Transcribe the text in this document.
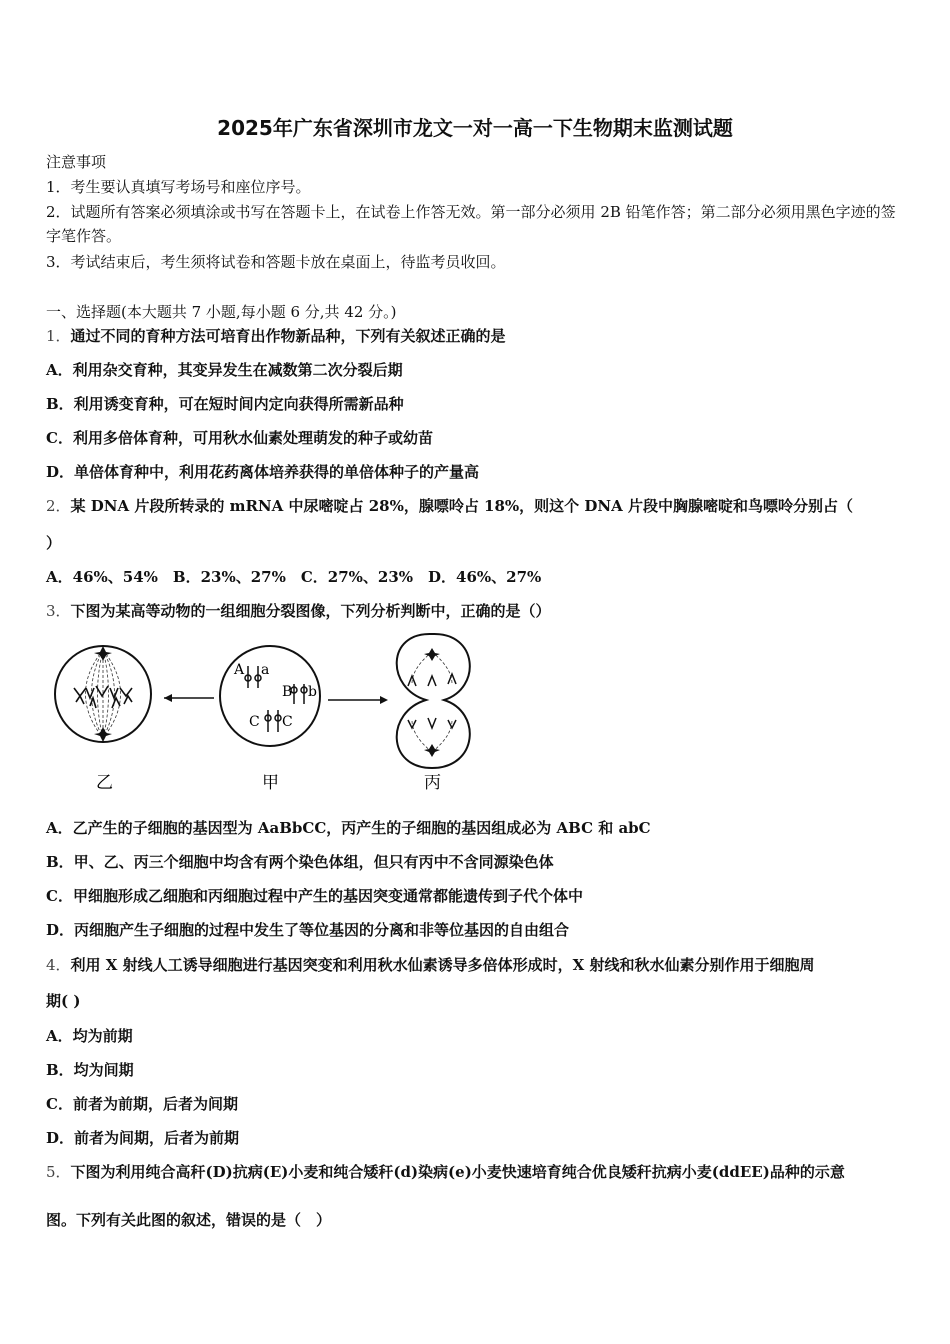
2025年广东省深圳市龙文一对一高一下生物期末监测试题
注意事项
1．考生要认真填写考场号和座位序号。
2．试题所有答案必须填涂或书写在答题卡上，在试卷上作答无效。第一部分必须用 2B 铅笔作答；第二部分必须用黑色字迹的签字笔作答。
3．考试结束后，考生须将试卷和答题卡放在桌面上，待监考员收回。
一、选择题(本大题共 7 小题,每小题 6 分,共 42 分。)
1．通过不同的育种方法可培育出作物新品种，下列有关叙述正确的是
A．利用杂交育种，其变异发生在减数第二次分裂后期
B．利用诱变育种，可在短时间内定向获得所需新品种
C．利用多倍体育种，可用秋水仙素处理萌发的种子或幼苗
D．单倍体育种中，利用花药离体培养获得的单倍体种子的产量高
2．某 DNA 片段所转录的 mRNA 中尿嘧啶占 28%，腺嘌呤占 18%，则这个 DNA 片段中胸腺嘧啶和鸟嘌呤分别占（
）
A．46%、54%　B．23%、27%　C．27%、23%　D．46%、27%
3．下图为某高等动物的一组细胞分裂图像，下列分析判断中，正确的是（）
A a
B b
C C
乙	甲	丙
A．乙产生的子细胞的基因型为 AaBbCC，丙产生的子细胞的基因组成必为 ABC 和 abC
B．甲、乙、丙三个细胞中均含有两个染色体组，但只有丙中不含同源染色体
C．甲细胞形成乙细胞和丙细胞过程中产生的基因突变通常都能遗传到子代个体中
D．丙细胞产生子细胞的过程中发生了等位基因的分离和非等位基因的自由组合
4．利用 X 射线人工诱导细胞进行基因突变和利用秋水仙素诱导多倍体形成时，X 射线和秋水仙素分别作用于细胞周
期( )
A．均为前期
B．均为间期
C．前者为前期，后者为间期
D．前者为间期，后者为前期
5．下图为利用纯合高秆(D)抗病(E)小麦和纯合矮秆(d)染病(e)小麦快速培育纯合优良矮秆抗病小麦(ddEE)品种的示意
图。下列有关此图的叙述，错误的是（　）
